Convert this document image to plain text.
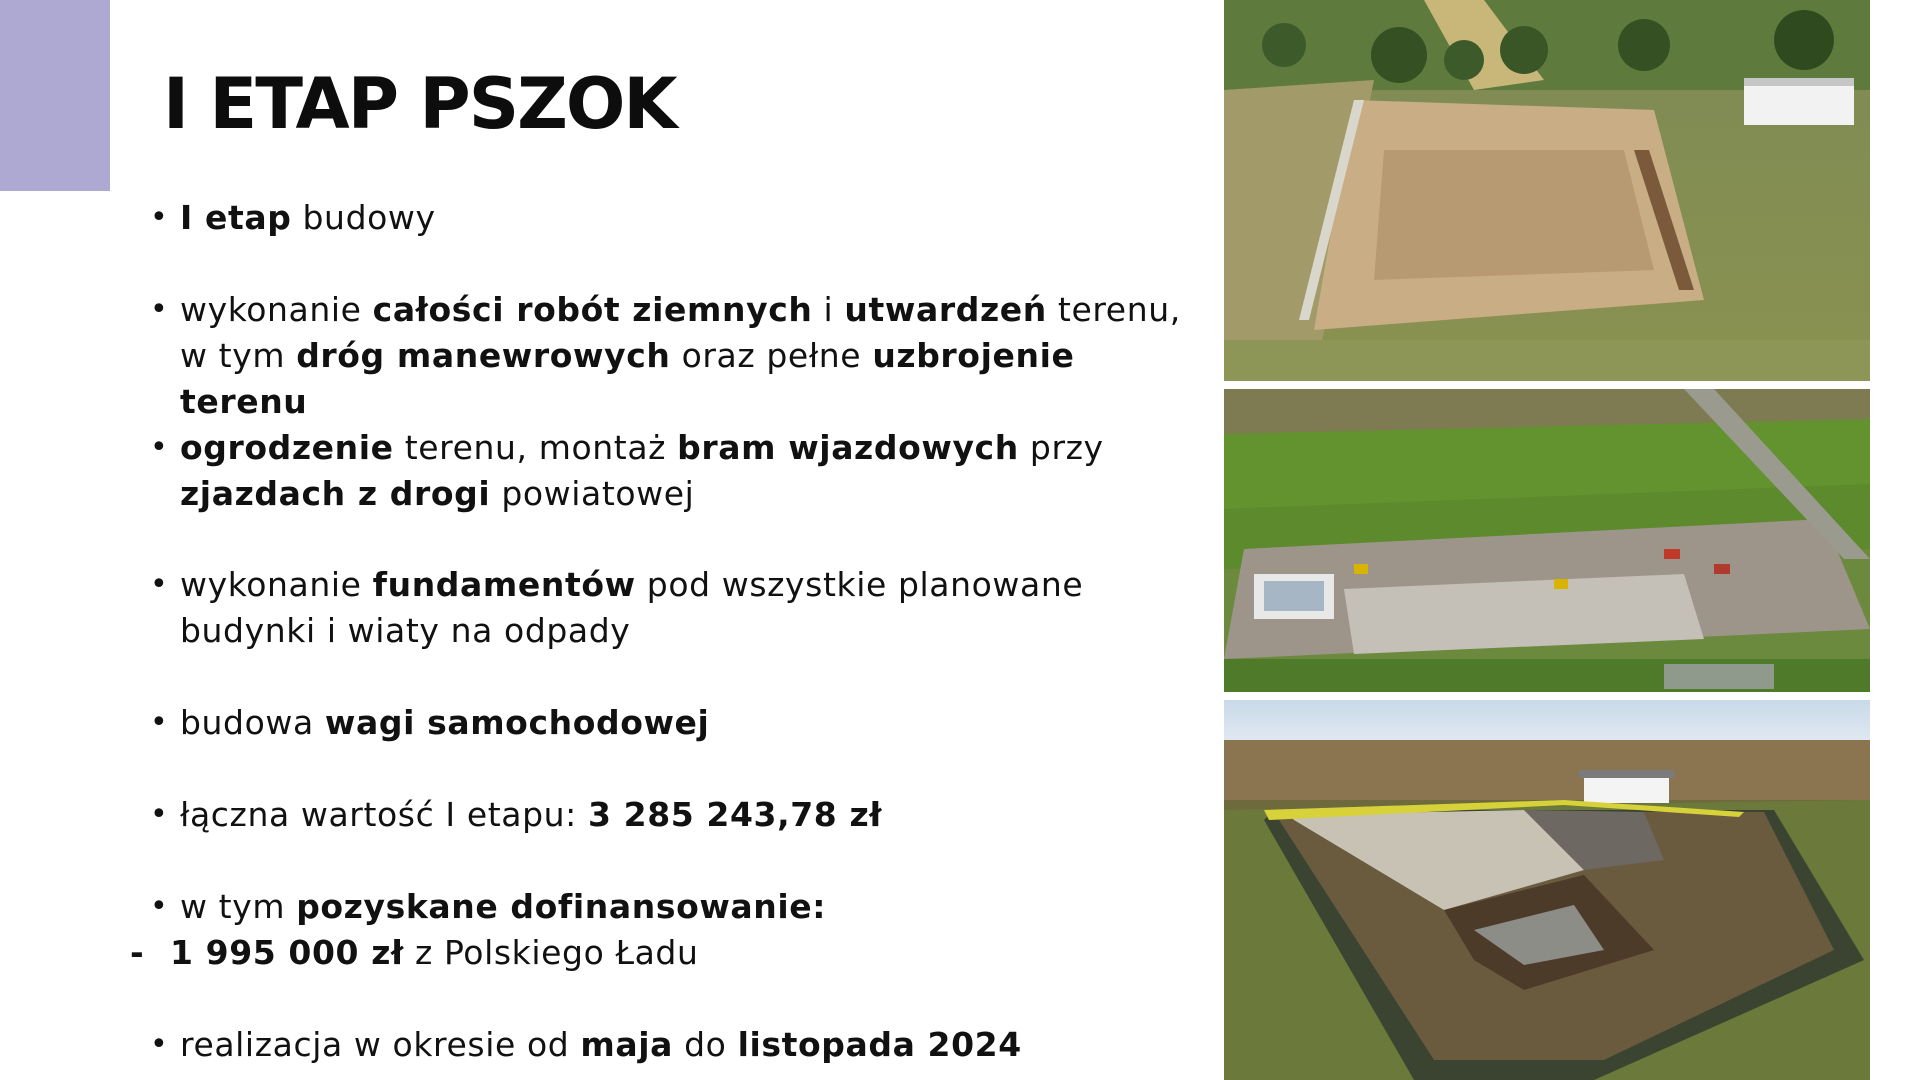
I ETAP PSZOK
• I etap budowy
• wykonanie całości robót ziemnych i utwardzeń terenu,
w tym dróg manewrowych oraz pełne uzbrojenie terenu
• ogrodzenie terenu, montaż bram wjazdowych przy
zjazdach z drogi powiatowej
• wykonanie fundamentów pod wszystkie planowane
budynki i wiaty na odpady
• budowa wagi samochodowej
• łączna wartość I etapu: 3 285 243,78 zł
• w tym pozyskane dofinansowanie:
- 1 995 000 zł z Polskiego Ładu
• realizacja w okresie od maja do listopada 2024
